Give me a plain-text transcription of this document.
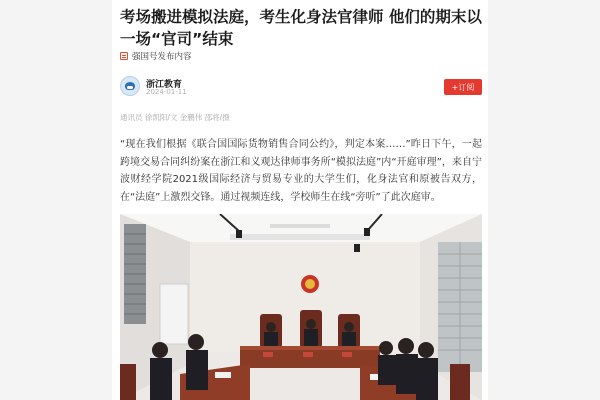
考场搬进模拟法庭，考生化身法官律师 他们的期末以一场“官司”结束
强国号发布内容
浙江教育
2024-01-11
+订阅
通讯员 徐凯阳/文 金鹏伟 邵将/摄
“现在我们根据《联合国国际货物销售合同公约》，判定本案……”昨日下午，一起跨境交易合同纠纷案在浙江和义观达律师事务所“模拟法庭”内“开庭审理”，来自宁波财经学院2021级国际经济与贸易专业的大学生们，化身法官和原被告双方，在“法庭”上激烈交锋。通过视频连线，学校师生在线“旁听”了此次庭审。
